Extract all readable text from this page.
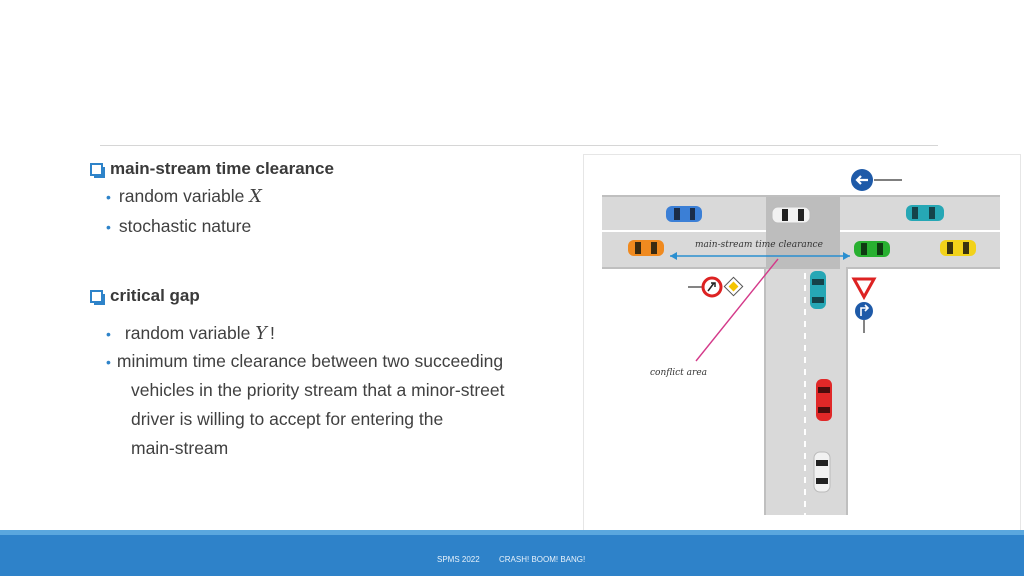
main-stream time clearance
• random variable X
• stochastic nature
critical gap
• random variable Y !
• minimum time clearance between two succeeding
vehicles in the priority stream that a minor-street
driver is willing to accept for entering the
main-stream
main-stream time clearance
conflict area
SPMS 2022 CRASH! BOOM! BANG!
